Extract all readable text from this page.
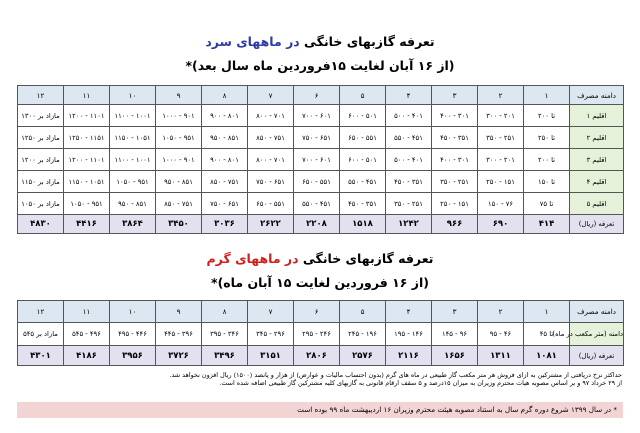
تعرفه گازبهای خانگی در ماههای سرد
(از ۱۶ آبان لغایت ۱۵فروردین ماه سال بعد)*
دامنه مصرف	۱	۲	۳	۴	۵	۶	۷	۸	۹	۱۰	۱۱	۱۲
اقلیم ۱	تا ۲۰۰	۲۰۱ - ۳۰۰	۳۰۱ - ۴۰۰	۴۰۱ - ۵۰۰	۵۰۱ - ۶۰۰	۶۰۱ - ۷۰۰	۷۰۱ - ۸۰۰	۸۰۱ - ۹۰۰	۹۰۱ - ۱۰۰۰	۱۰۰۱ - ۱۱۰۰	۱۱۰۱ - ۱۲۰۰	مازاد بر ۱۳۰۰
اقلیم ۲	تا ۲۵۰	۲۵۱ - ۳۵۰	۳۵۱ - ۴۵۰	۴۵۱ - ۵۵۰	۵۵۱ - ۶۵۰	۶۵۱ - ۷۵۰	۷۵۱ - ۸۵۰	۸۵۱ - ۹۵۰	۹۵۱ - ۱۰۵۰	۱۰۵۱ - ۱۱۵۰	۱۱۵۱ - ۱۲۵۰	مازاد بر ۱۲۵۰
اقلیم ۳	تا ۲۰۰	۲۰۱ - ۳۰۰	۳۰۱ - ۴۰۰	۴۰۱ - ۵۰۰	۵۰۱ - ۶۰۰	۶۰۱ - ۷۰۰	۷۰۱ - ۸۰۰	۸۰۱ - ۹۰۰	۹۰۱ - ۱۰۰۰	۱۰۰۱ - ۱۱۰۰	۱۱۰۱ - ۱۲۰۰	مازاد بر ۱۲۰۰
اقلیم ۴	تا ۱۵۰	۱۵۱ - ۲۵۰	۲۵۱ - ۳۵۰	۳۵۱ - ۴۵۰	۴۵۱ - ۵۵۰	۵۵۱ - ۶۵۰	۶۵۱ - ۷۵۰	۷۵۱ - ۸۵۰	۸۵۱ - ۹۵۰	۹۵۱ - ۱۰۵۰	۱۰۵۱ - ۱۱۵۰	مازاد بر ۱۱۵۰
اقلیم ۵	تا ۷۵	۷۶ - ۱۵۰	۱۵۱ - ۲۵۰	۲۵۱ - ۳۵۰	۳۵۱ - ۴۵۰	۴۵۱ - ۵۵۰	۵۵۱ - ۶۵۰	۶۵۱ - ۷۵۰	۷۵۱ - ۸۵۰	۸۵۱ - ۹۵۰	۹۵۱ - ۱۰۵۰	مازاد بر ۱۰۵۰
تعرفه (ریال)	۴۱۴	۶۹۰	۹۶۶	۱۲۴۲	۱۵۱۸	۲۲۰۸	۲۶۲۲	۳۰۳۶	۳۴۵۰	۳۸۶۴	۴۴۱۶	۴۸۳۰
تعرفه گازبهای خانگی در ماههای گرم
(از ۱۶ فروردین لغایت ۱۵ آبان ماه)*
دامنه مصرف	۱	۲	۳	۴	۵	۶	۷	۸	۹	۱۰	۱۱	۱۲
دامنه (متر مکعب در ماه)	تا ۴۵	۴۶ - ۹۵	۹۶ - ۱۴۵	۱۴۶ - ۱۹۵	۱۹۶ - ۲۴۵	۲۴۶ - ۲۹۵	۲۹۶ - ۳۴۵	۳۴۶ - ۳۹۵	۳۹۶ - ۴۴۵	۴۴۶ - ۴۹۵	۴۹۶ - ۵۴۵	مازاد بر ۵۴۵
تعرفه (ریال)	۱۰۸۱	۱۳۱۱	۱۶۵۶	۲۱۱۶	۲۵۷۶	۲۸۰۶	۳۱۵۱	۳۴۹۶	۳۷۲۶	۳۹۵۶	۴۱۸۶	۴۳۰۱
حداکثر نرخ دریافتی از مشترکین به ازای فروش هر متر مکعب گاز طبیعی در ماه های گرم (بدون احتساب مالیات و عوارض) از هزار و پانصد (۱۵۰۰) ریال افزون نخواهد شد.
از ۲۹ خرداد ۹۷ و بر اساس مصوبه هیات محترم وزیران به میزان ۱۵درصد و ۵ سقف ارقام قانونی به گازبهای کلیه مشترکین گاز طبیعی اضافه شده است.
* در سال ۱۳۹۹ شروع دوره گرم سال به استناد مصوبه هیئت محترم وزیران ۱۶ اردیبهشت ماه ۹۹ بوده است
